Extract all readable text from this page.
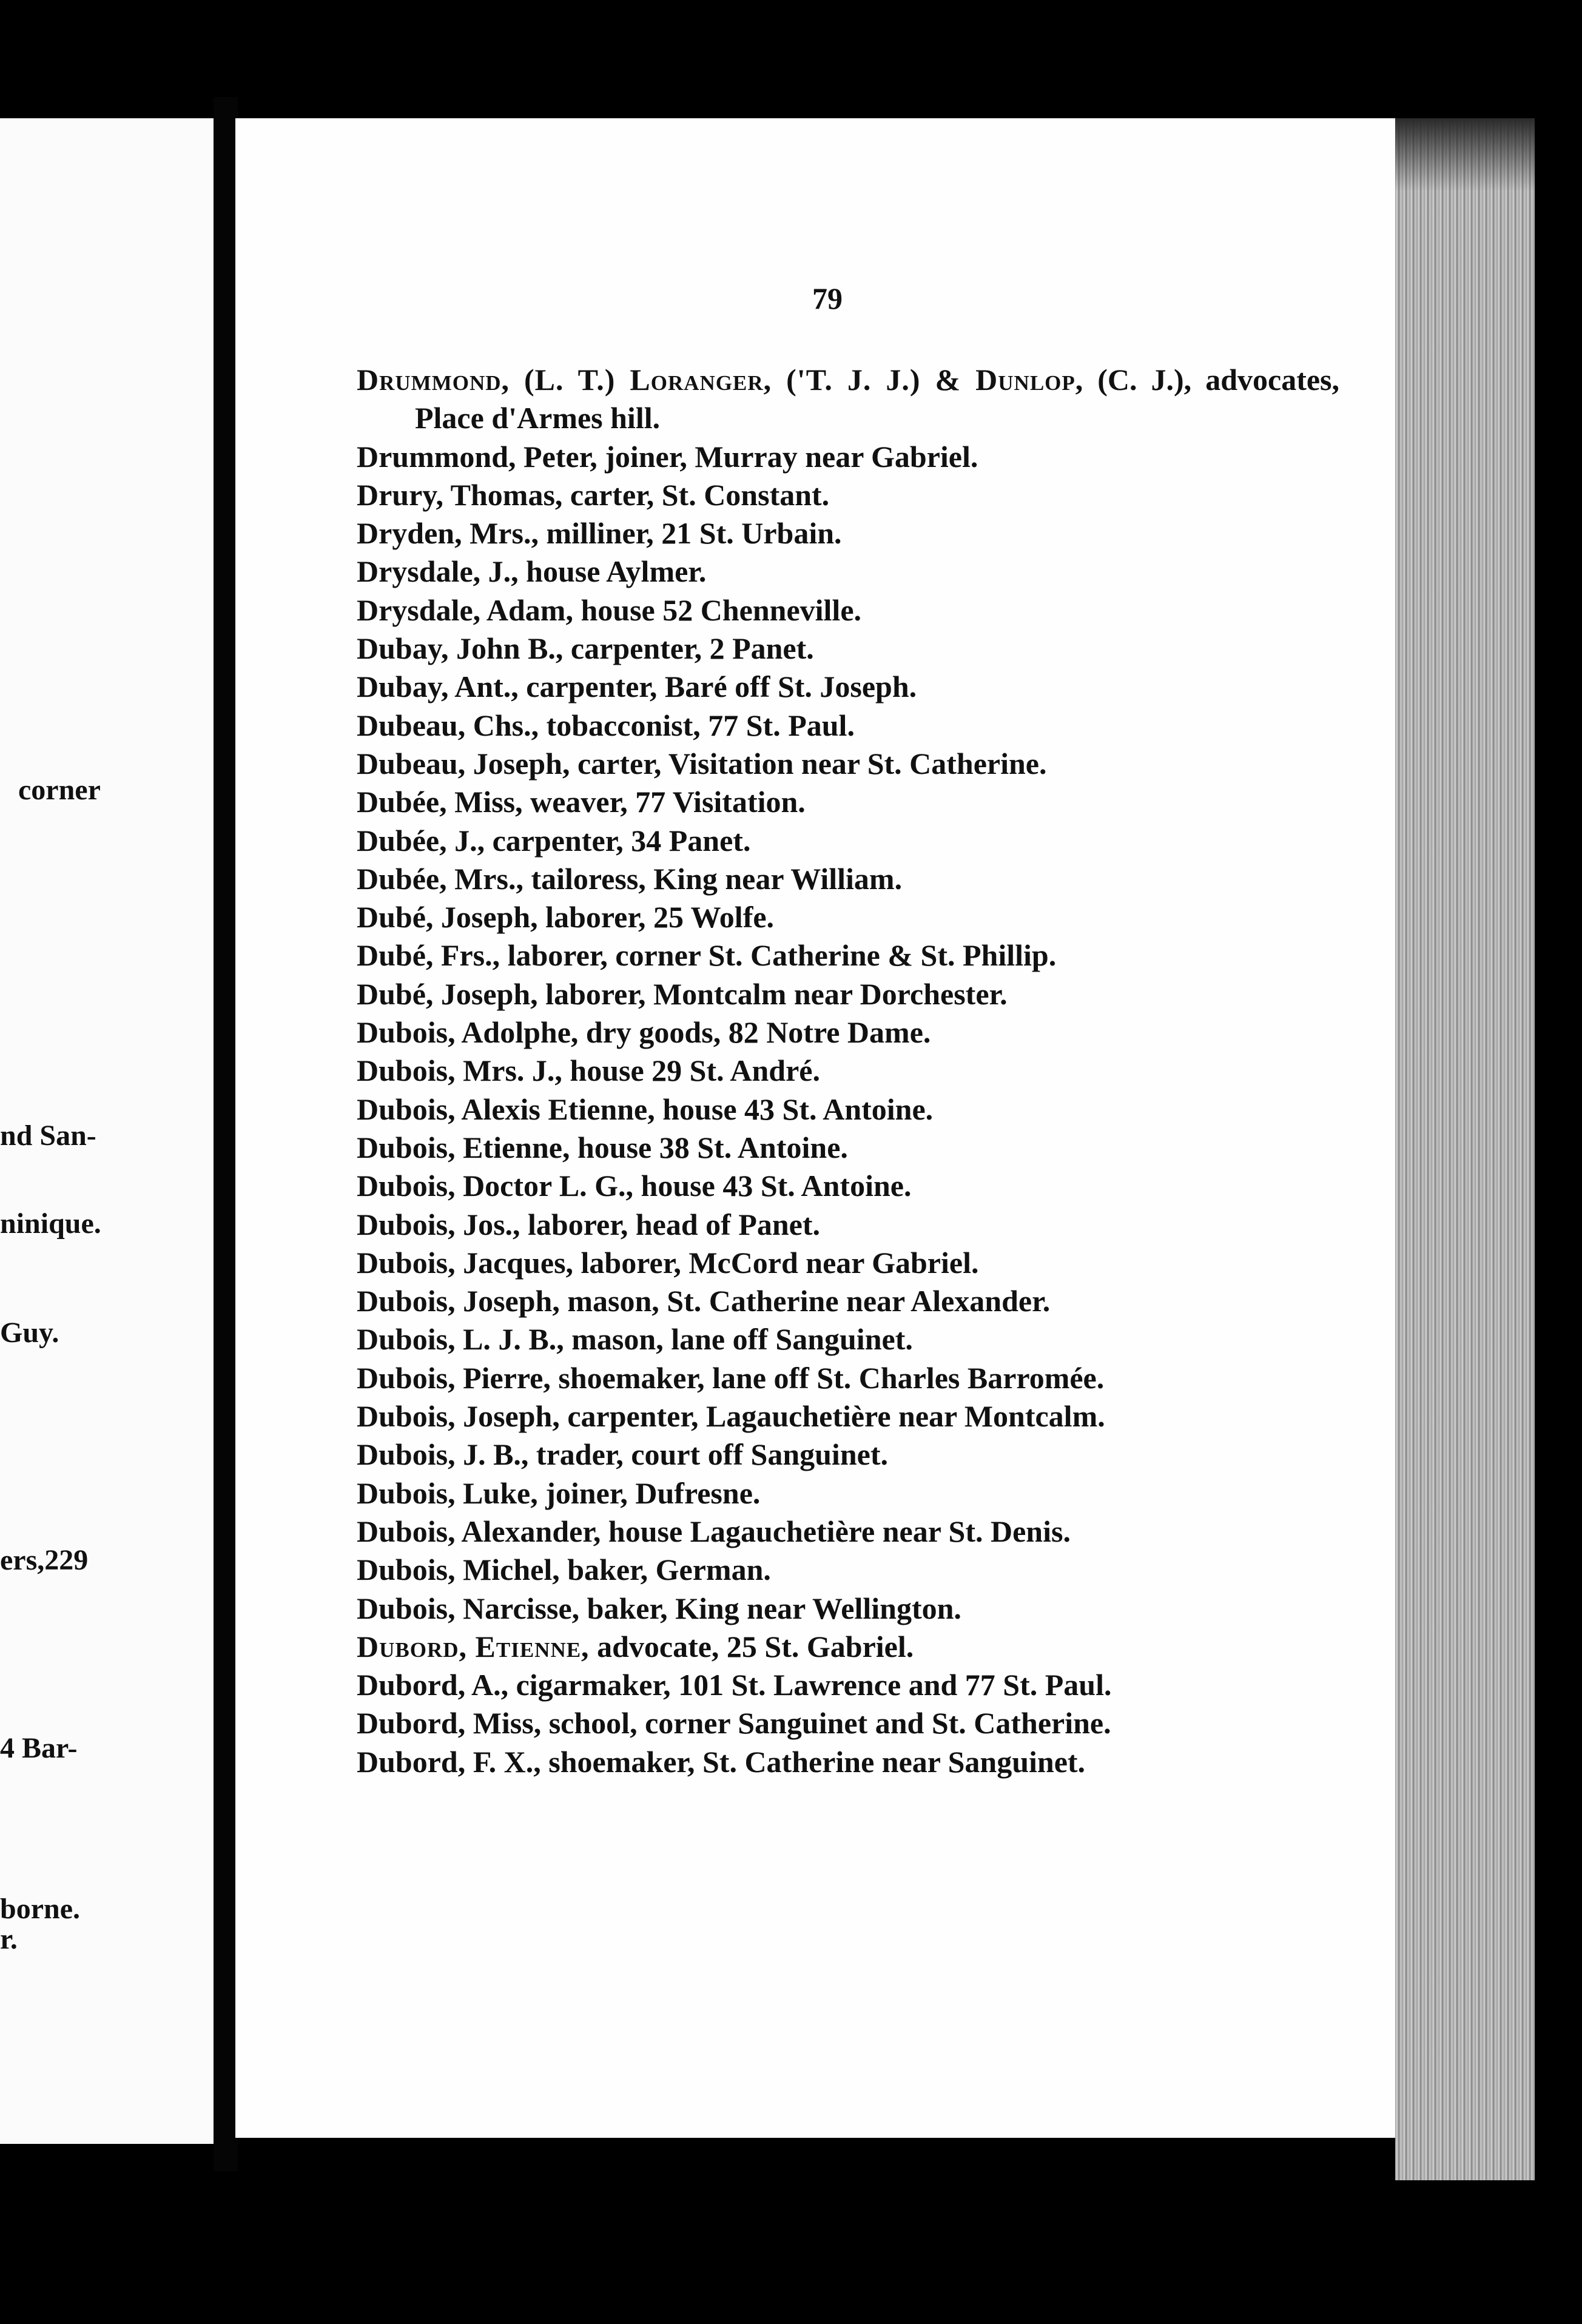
corner
nd San-
ninique.
Guy.
ers,229
4 Bar-
borne.
r.
79
Drummond, (L. T.) Loranger, ('T. J. J.) & Dunlop, (C. J.), advocates, Place d'Armes hill.
Drummond, Peter, joiner, Murray near Gabriel.
Drury, Thomas, carter, St. Constant.
Dryden, Mrs., milliner, 21 St. Urbain.
Drysdale, J., house Aylmer.
Drysdale, Adam, house 52 Chenneville.
Dubay, John B., carpenter, 2 Panet.
Dubay, Ant., carpenter, Baré off St. Joseph.
Dubeau, Chs., tobacconist, 77 St. Paul.
Dubeau, Joseph, carter, Visitation near St. Catherine.
Dubée, Miss, weaver, 77 Visitation.
Dubée, J., carpenter, 34 Panet.
Dubée, Mrs., tailoress, King near William.
Dubé, Joseph, laborer, 25 Wolfe.
Dubé, Frs., laborer, corner St. Catherine & St. Phillip.
Dubé, Joseph, laborer, Montcalm near Dorchester.
Dubois, Adolphe, dry goods, 82 Notre Dame.
Dubois, Mrs. J., house 29 St. André.
Dubois, Alexis Etienne, house 43 St. Antoine.
Dubois, Etienne, house 38 St. Antoine.
Dubois, Doctor L. G., house 43 St. Antoine.
Dubois, Jos., laborer, head of Panet.
Dubois, Jacques, laborer, McCord near Gabriel.
Dubois, Joseph, mason, St. Catherine near Alexander.
Dubois, L. J. B., mason, lane off Sanguinet.
Dubois, Pierre, shoemaker, lane off St. Charles Barromée.
Dubois, Joseph, carpenter, Lagauchetière near Montcalm.
Dubois, J. B., trader, court off Sanguinet.
Dubois, Luke, joiner, Dufresne.
Dubois, Alexander, house Lagauchetière near St. Denis.
Dubois, Michel, baker, German.
Dubois, Narcisse, baker, King near Wellington.
Dubord, Etienne, advocate, 25 St. Gabriel.
Dubord, A., cigarmaker, 101 St. Lawrence and 77 St. Paul.
Dubord, Miss, school, corner Sanguinet and St. Catherine.
Dubord, F. X., shoemaker, St. Catherine near Sanguinet.
